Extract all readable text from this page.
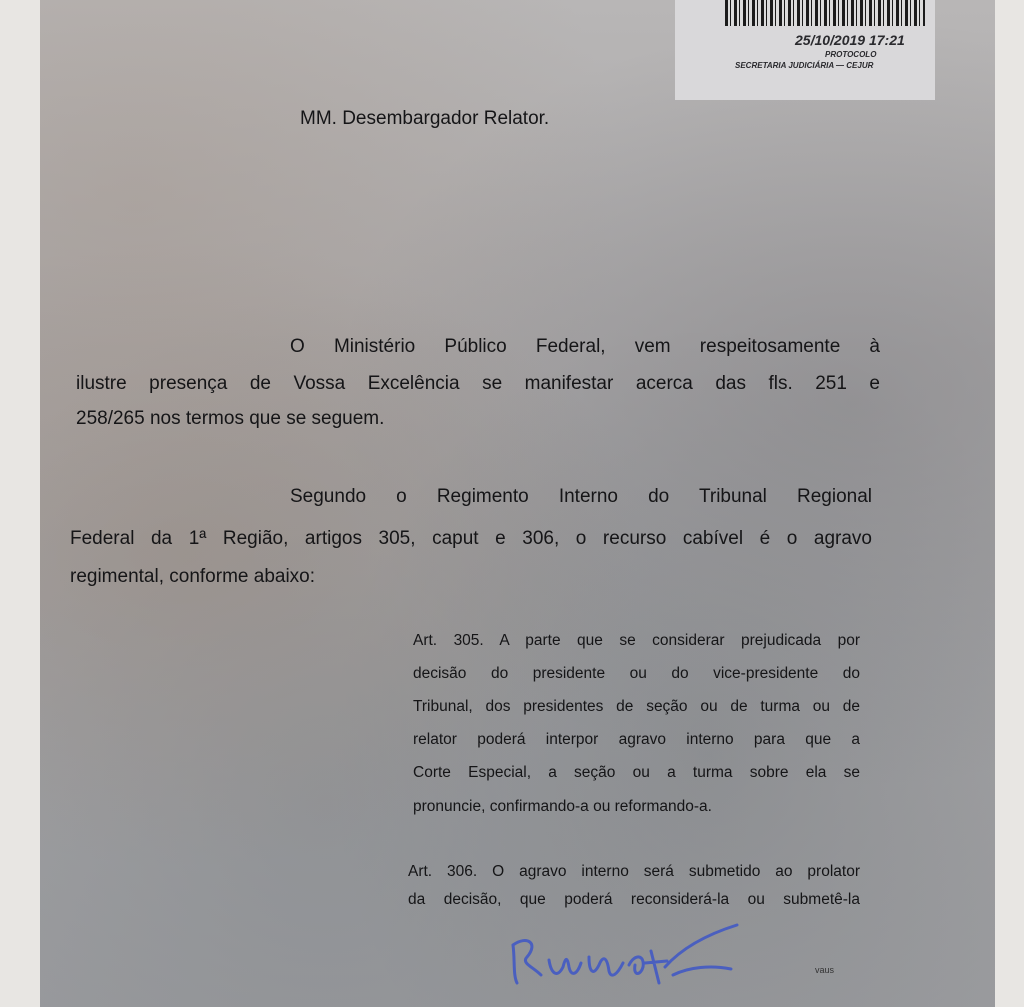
25/10/2019 17:21
PROTOCOLO
SECRETARIA JUDICIÁRIA — CEJUR
MM. Desembargador Relator.
O Ministério Público Federal, vem respeitosamente à
ilustre presença de Vossa Excelência se manifestar acerca das fls. 251 e
258/265 nos termos que se seguem.
Segundo o Regimento Interno do Tribunal Regional
Federal da 1ª Região, artigos 305, caput e 306, o recurso cabível é o agravo
regimental, conforme abaixo:
Art. 305. A parte que se considerar prejudicada por
decisão do presidente ou do vice-presidente do
Tribunal, dos presidentes de seção ou de turma ou de
relator poderá interpor agravo interno para que a
Corte Especial, a seção ou a turma sobre ela se
pronuncie, confirmando-a ou reformando-a.
Art. 306. O agravo interno será submetido ao prolator
da decisão, que poderá reconsiderá-la ou submetê-la
vaus
